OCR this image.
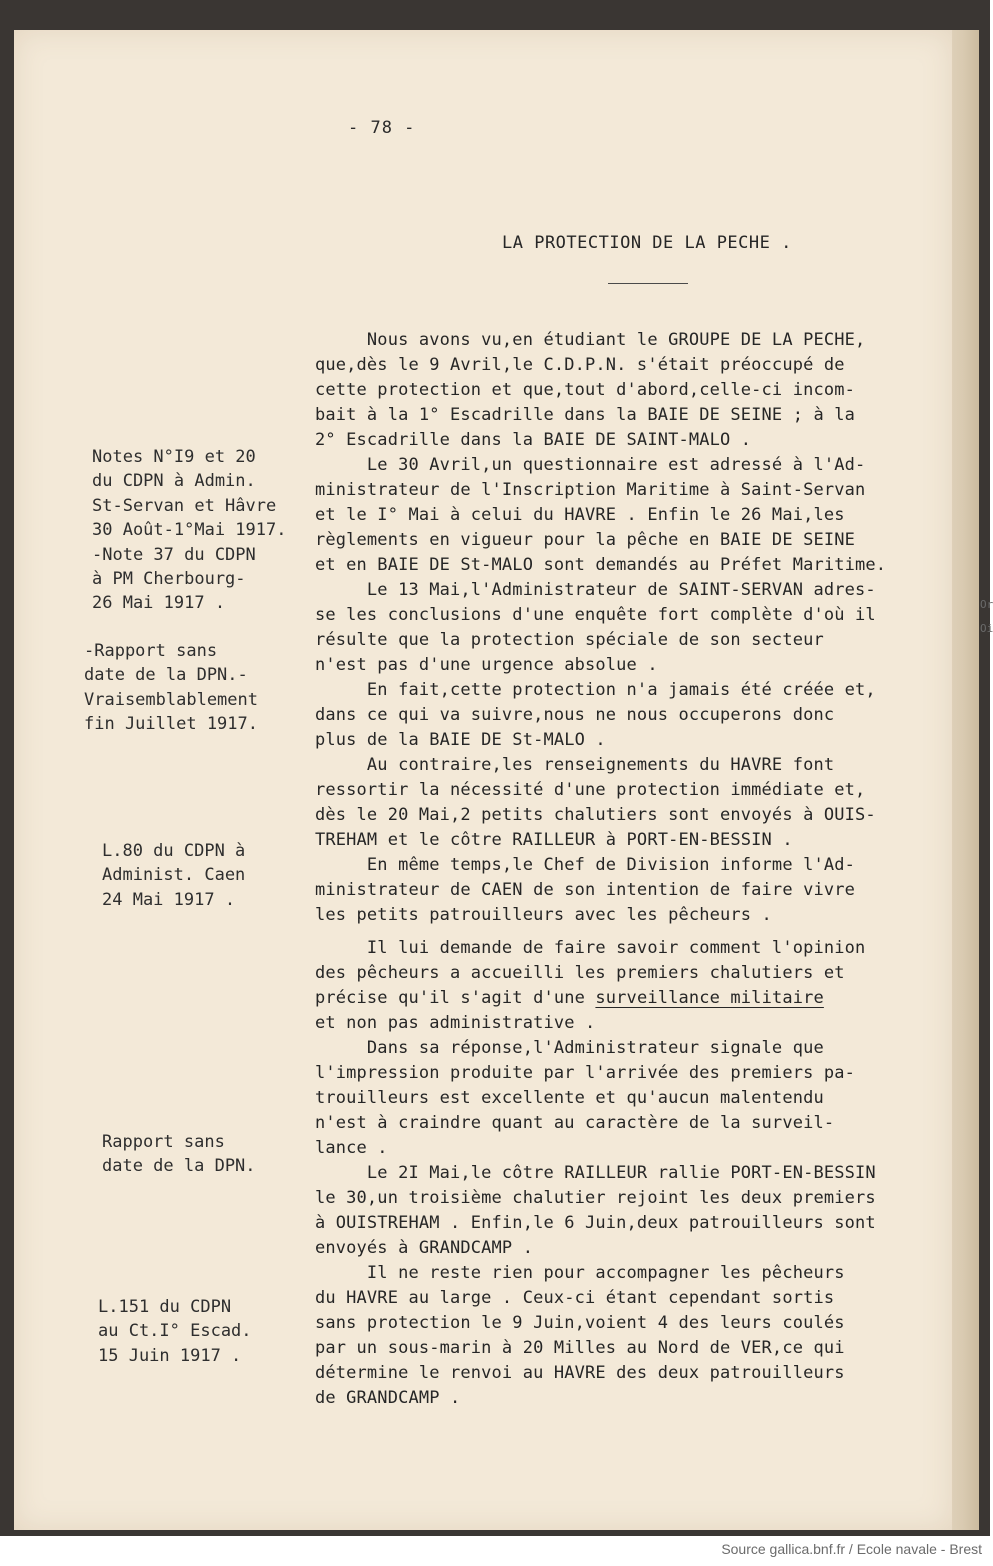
- 78 -
LA PROTECTION DE LA PECHE .
Notes N°I9 et 20
du CDPN à Admin.
St-Servan et Hâvre
30 Août-1°Mai 1917.
-Note 37 du CDPN
à PM Cherbourg-
26 Mai 1917 .
-Rapport sans
date de la DPN.-
Vraisemblablement
fin Juillet 1917.
L.80 du CDPN à
Administ. Caen
24 Mai 1917 .
Rapport sans
date de la DPN.
L.151 du CDPN
au Ct.I° Escad.
15 Juin 1917 .
Nous avons vu,en étudiant le GROUPE DE LA PECHE,
que,dès le 9 Avril,le C.D.P.N. s'était préoccupé de
cette protection et que,tout d'abord,celle-ci incom-
bait à la 1° Escadrille dans la BAIE DE SEINE ; à la
2° Escadrille dans la BAIE DE SAINT-MALO .
Le 30 Avril,un questionnaire est adressé à l'Ad-
ministrateur de l'Inscription Maritime à Saint-Servan
et le I° Mai à celui du HAVRE . Enfin le 26 Mai,les
règlements en vigueur pour la pêche en BAIE DE SEINE
et en BAIE DE St-MALO sont demandés au Préfet Maritime.
Le 13 Mai,l'Administrateur de SAINT-SERVAN adres-
se les conclusions d'une enquête fort complète d'où il
résulte que la protection spéciale de son secteur
n'est pas d'une urgence absolue .
En fait,cette protection n'a jamais été créée et,
dans ce qui va suivre,nous ne nous occuperons donc
plus de la BAIE DE St-MALO .
Au contraire,les renseignements du HAVRE font
ressortir la nécessité d'une protection immédiate et,
dès le 20 Mai,2 petits chalutiers sont envoyés à OUIS-
TREHAM et le côtre RAILLEUR à PORT-EN-BESSIN .
En même temps,le Chef de Division informe l'Ad-
ministrateur de CAEN de son intention de faire vivre
les petits patrouilleurs avec les pêcheurs .
Il lui demande de faire savoir comment l'opinion
des pêcheurs a accueilli les premiers chalutiers et
précise qu'il s'agit d'une surveillance militaire
et non pas administrative .
Dans sa réponse,l'Administrateur signale que
l'impression produite par l'arrivée des premiers pa-
trouilleurs est excellente et qu'aucun malentendu
n'est à craindre quant au caractère de la surveil-
lance .
Le 2I Mai,le côtre RAILLEUR rallie PORT-EN-BESSIN
le 30,un troisième chalutier rejoint les deux premiers
à OUISTREHAM . Enfin,le 6 Juin,deux patrouilleurs sont
envoyés à GRANDCAMP .
Il ne reste rien pour accompagner les pêcheurs
du HAVRE au large . Ceux-ci étant cependant sortis
sans protection le 9 Juin,voient 4 des leurs coulés
par un sous-marin à 20 Milles au Nord de VER,ce qui
détermine le renvoi au HAVRE des deux patrouilleurs
de GRANDCAMP .
Or
Oi
Source gallica.bnf.fr / Ecole navale - Brest
